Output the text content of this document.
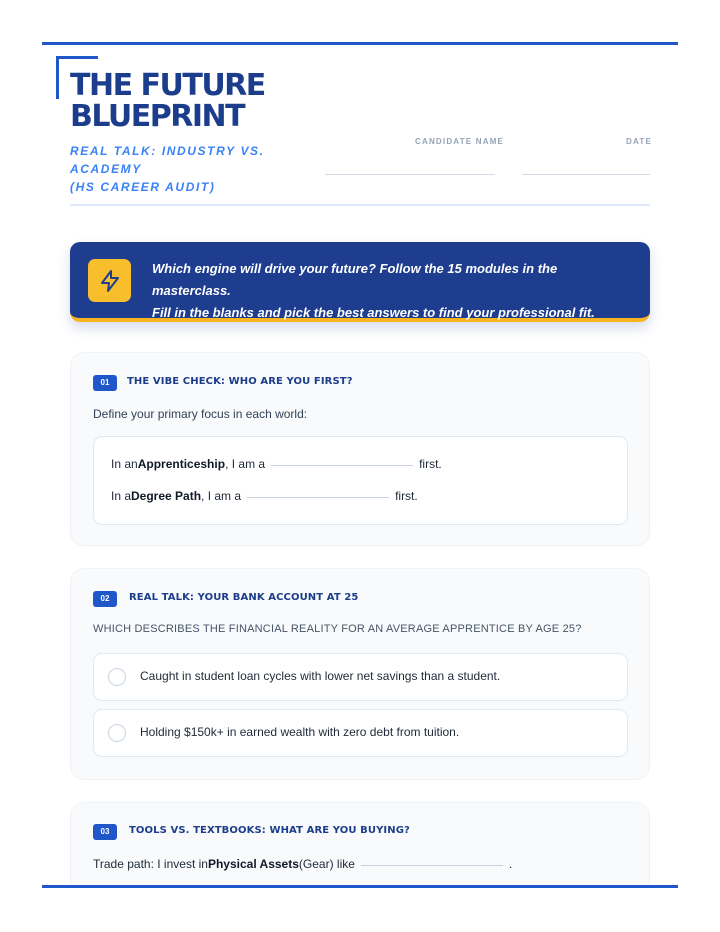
THE FUTURE
BLUEPRINT
REAL TALK: INDUSTRY VS. ACADEMY
(HS CAREER AUDIT)
CANDIDATE NAME	DATE
Which engine will drive your future? Follow the 15 modules in the masterclass.
Fill in the blanks and pick the best answers to find your professional fit.
01	THE VIBE CHECK: WHO ARE YOU FIRST?
Define your primary focus in each world:
In an Apprenticeship , I am a	first.
In a Degree Path , I am a	first.
02	REAL TALK: YOUR BANK ACCOUNT AT 25
WHICH DESCRIBES THE FINANCIAL REALITY FOR AN AVERAGE APPRENTICE BY AGE 25?
Caught in student loan cycles with lower net savings than a student.
Holding $150k+ in earned wealth with zero debt from tuition.
03	TOOLS VS. TEXTBOOKS: WHAT ARE YOU BUYING?
Trade path: I invest in Physical Assets (Gear) like	.
